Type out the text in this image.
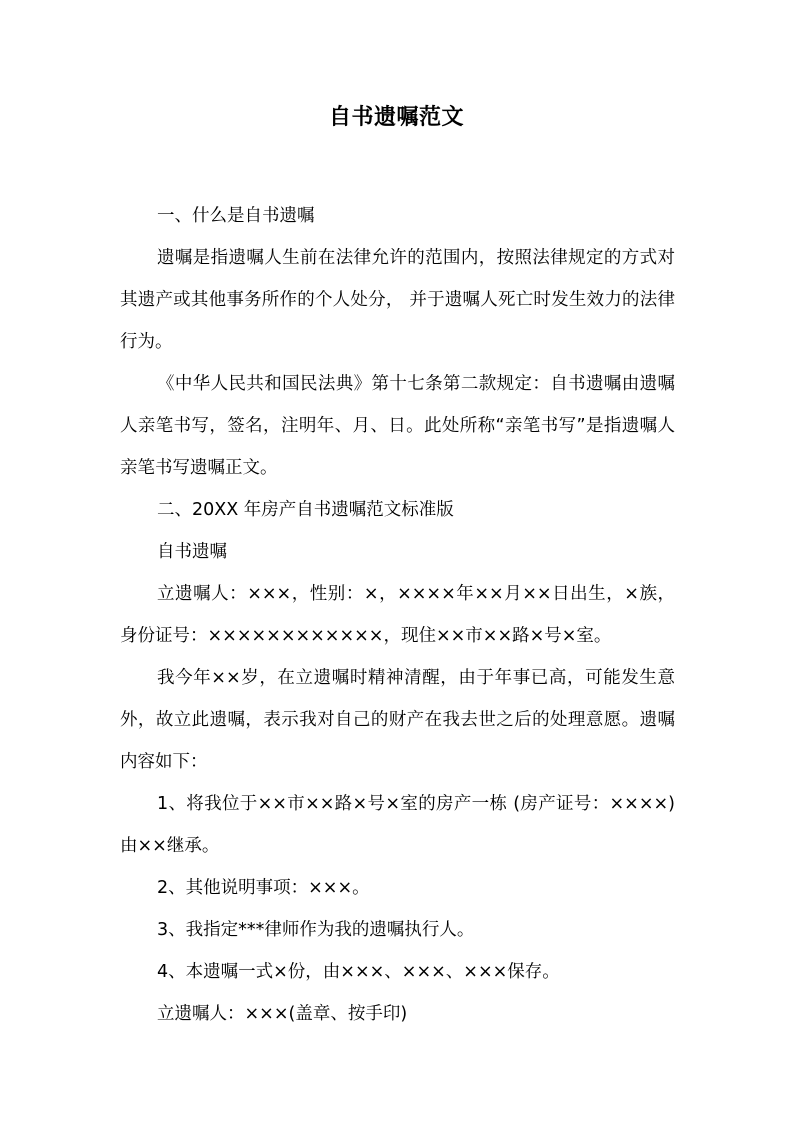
自书遗嘱范文

一、什么是自书遗嘱

遗嘱是指遗嘱人生前在法律允许的范围内，按照法律规定的方式对其遗产或其他事务所作的个人处分， 并于遗嘱人死亡时发生效力的法律行为。

《中华人民共和国民法典》第十七条第二款规定：自书遗嘱由遗嘱人亲笔书写，签名，注明年、月、日。此处所称“亲笔书写”是指遗嘱人亲笔书写遗嘱正文。

二、20XX 年房产自书遗嘱范文标准版

自书遗嘱

立遗嘱人：×××，性别：×，××××年××月××日出生，×族，身份证号：××××××××××××，现住××市××路×号×室。

我今年××岁，在立遗嘱时精神清醒，由于年事已高，可能发生意外，故立此遗嘱，表示我对自己的财产在我去世之后的处理意愿。遗嘱内容如下：

1、将我位于××市××路×号×室的房产一栋 (房产证号：××××)由××继承。

2、其他说明事项：×××。

3、我指定***律师作为我的遗嘱执行人。

4、本遗嘱一式×份，由×××、×××、×××保存。

立遗嘱人：×××(盖章、按手印)
